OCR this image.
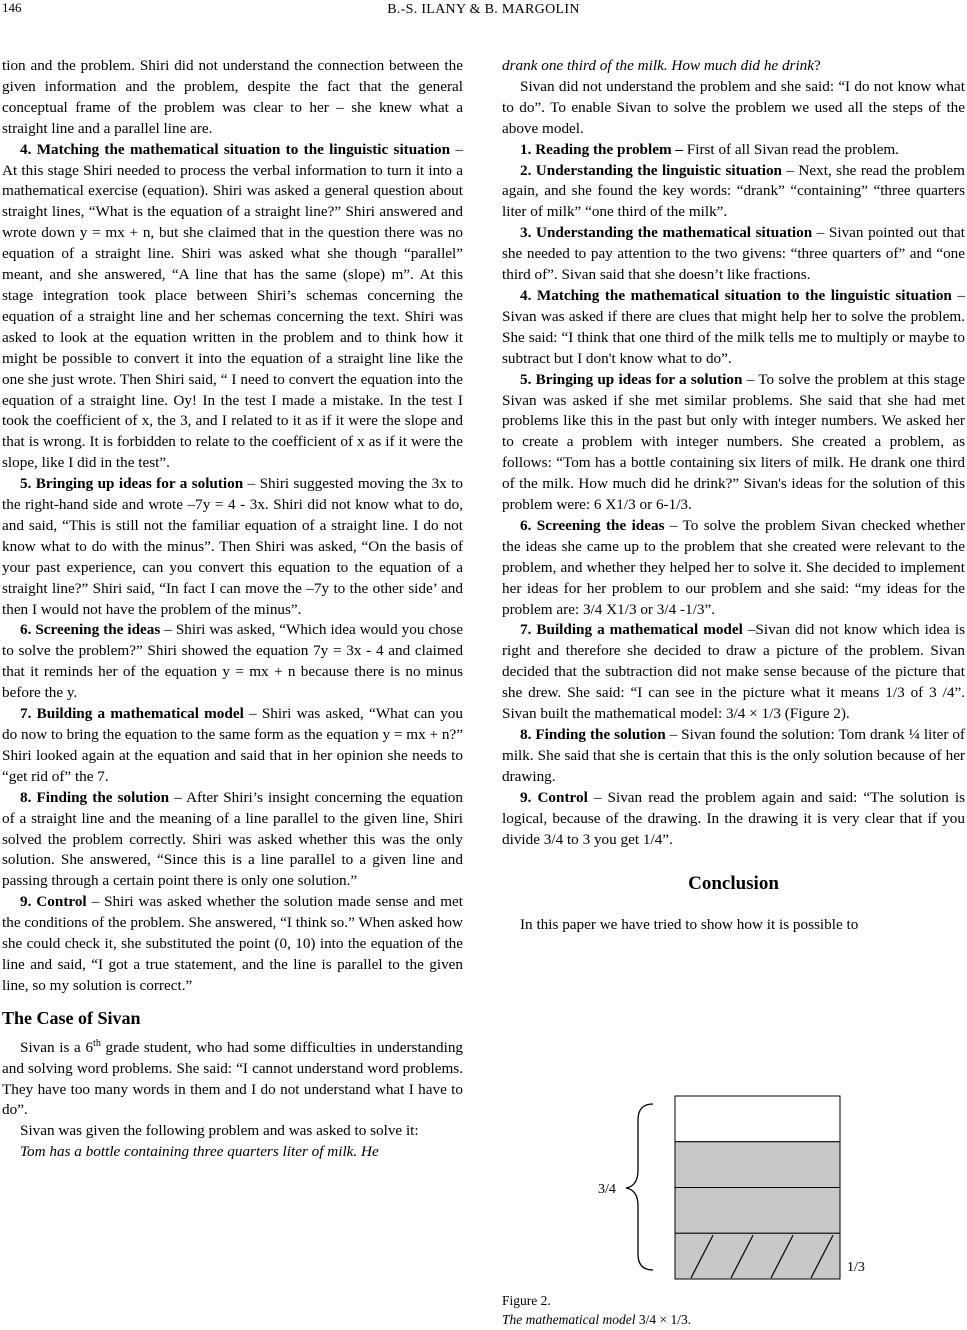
146	B.-S. ILANY & B. MARGOLIN

tion and the problem. Shiri did not understand the connection between the given information and the problem, despite the fact that the general conceptual frame of the problem was clear to her – she knew what a straight line and a parallel line are.

4. Matching the mathematical situation to the linguistic situation – At this stage Shiri needed to process the verbal information to turn it into a mathematical exercise (equation). Shiri was asked a general question about straight lines, “What is the equation of a straight line?” Shiri answered and wrote down y = mx + n, but she claimed that in the question there was no equation of a straight line. Shiri was asked what she though “parallel” meant, and she answered, “A line that has the same (slope) m”. At this stage integration took place between Shiri’s schemas concerning the equation of a straight line and her schemas concerning the text. Shiri was asked to look at the equation written in the problem and to think how it might be possible to convert it into the equation of a straight line like the one she just wrote. Then Shiri said, “ I need to convert the equation into the equation of a straight line. Oy! In the test I made a mistake. In the test I took the coefficient of x, the 3, and I related to it as if it were the slope and that is wrong. It is forbidden to relate to the coefficient of x as if it were the slope, like I did in the test”.

5. Bringing up ideas for a solution – Shiri suggested moving the 3x to the right-hand side and wrote –7y = 4 - 3x. Shiri did not know what to do, and said, “This is still not the familiar equation of a straight line. I do not know what to do with the minus”. Then Shiri was asked, “On the basis of your past experience, can you convert this equation to the equation of a straight line?” Shiri said, “In fact I can move the –7y to the other side’ and then I would not have the problem of the minus”.

6. Screening the ideas – Shiri was asked, “Which idea would you chose to solve the problem?” Shiri showed the equation 7y = 3x - 4 and claimed that it reminds her of the equation y = mx + n because there is no minus before the y.

7. Building a mathematical model – Shiri was asked, “What can you do now to bring the equation to the same form as the equation y = mx + n?” Shiri looked again at the equation and said that in her opinion she needs to “get rid of” the 7.

8. Finding the solution – After Shiri’s insight concerning the equation of a straight line and the meaning of a line parallel to the given line, Shiri solved the problem correctly. Shiri was asked whether this was the only solution. She answered, “Since this is a line parallel to a given line and passing through a certain point there is only one solution.”

9. Control – Shiri was asked whether the solution made sense and met the conditions of the problem. She answered, “I think so.” When asked how she could check it, she substituted the point (0, 10) into the equation of the line and said, “I got a true statement, and the line is parallel to the given line, so my solution is correct.”

The Case of Sivan

Sivan is a 6th grade student, who had some difficulties in understanding and solving word problems. She said: “I cannot understand word problems. They have too many words in them and I do not understand what I have to do”.

Sivan was given the following problem and was asked to solve it:

Tom has a bottle containing three quarters liter of milk. He

drank one third of the milk. How much did he drink?

Sivan did not understand the problem and she said: “I do not know what to do”. To enable Sivan to solve the problem we used all the steps of the above model.

1. Reading the problem – First of all Sivan read the problem.

2. Understanding the linguistic situation – Next, she read the problem again, and she found the key words: “drank” “containing” “three quarters liter of milk” “one third of the milk”.

3. Understanding the mathematical situation – Sivan pointed out that she needed to pay attention to the two givens: “three quarters of” and “one third of”. Sivan said that she doesn’t like fractions.

4. Matching the mathematical situation to the linguistic situation – Sivan was asked if there are clues that might help her to solve the problem. She said: “I think that one third of the milk tells me to multiply or maybe to subtract but I don't know what to do”.

5. Bringing up ideas for a solution – To solve the problem at this stage Sivan was asked if she met similar problems. She said that she had met problems like this in the past but only with integer numbers. We asked her to create a problem with integer numbers. She created a problem, as follows: “Tom has a bottle containing six liters of milk. He drank one third of the milk. How much did he drink?” Sivan's ideas for the solution of this problem were: 6 X1/3 or 6-1/3.

6. Screening the ideas – To solve the problem Sivan checked whether the ideas she came up to the problem that she created were relevant to the problem, and whether they helped her to solve it. She decided to implement her ideas for her problem to our problem and she said: “my ideas for the problem are: 3/4 X1/3 or 3/4 -1/3”.

7. Building a mathematical model –Sivan did not know which idea is right and therefore she decided to draw a picture of the problem. Sivan decided that the subtraction did not make sense because of the picture that she drew. She said: “I can see in the picture what it means 1/3 of 3 /4”. Sivan built the mathematical model: 3/4 × 1/3 (Figure 2).

8. Finding the solution – Sivan found the solution: Tom drank ¼ liter of milk. She said that she is certain that this is the only solution because of her drawing.

9. Control – Sivan read the problem again and said: “The solution is logical, because of the drawing. In the drawing it is very clear that if you divide 3/4 to 3 you get 1/4”.

Conclusion

In this paper we have tried to show how it is possible to

3/4
1/3
Figure 2.
The mathematical model 3/4 × 1/3.
